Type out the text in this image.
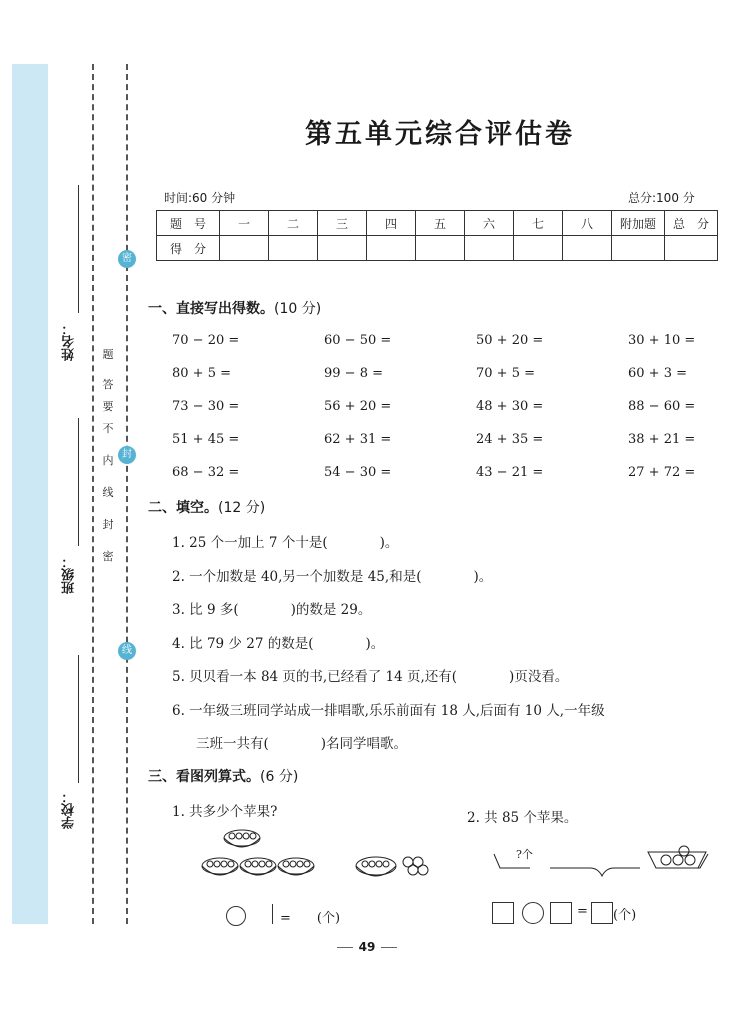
学校：
班级：
姓名：
密
封
线
内
不
要
答
题
密
封
线
第五单元综合评估卷
时间:60 分钟	总分:100 分
题　号	一	二	三	四	五	六	七	八	附加题	总　分
得　分										
一、直接写出得数。(10 分)
70 − 20 =	60 − 50 =	50 + 20 =	30 + 10 =
80 + 5 =	99 − 8 =	70 + 5 =	60 + 3 =
73 − 30 =	56 + 20 =	48 + 30 =	88 − 60 =
51 + 45 =	62 + 31 =	24 + 35 =	38 + 21 =
68 − 32 =	54 − 30 =	43 − 21 =	27 + 72 =
二、填空。(12 分)
1. 25 个一加上 7 个十是(	)。
2. 一个加数是 40,另一个加数是 45,和是(	)。
3. 比 9 多(	)的数是 29。
4. 比 79 少 27 的数是(	)。
5. 贝贝看一本 84 页的书,已经看了 14 页,还有(	)页没看。
6. 一年级三班同学站成一排唱歌,乐乐前面有 18 人,后面有 10 人,一年级
三班一共有(	)名同学唱歌。
三、看图列算式。(6 分)
1. 共多少个苹果?	2. 共 85 个苹果。
=　　(个)
?个
= (个)
49
